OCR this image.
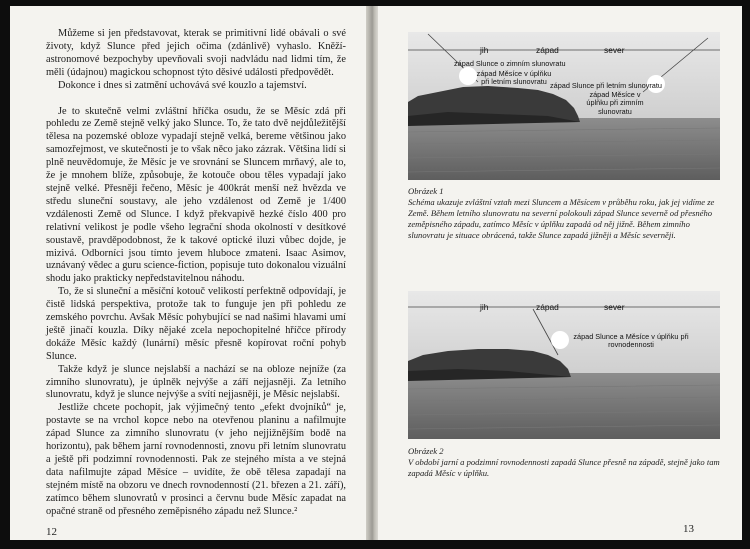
Můžeme si jen představovat, kterak se primitivní lidé obávali o své životy, když Slunce před jejich očima (zdánlivě) vyhaslo. Kněží-astronomové bezpochyby upevňovali svoji nadvládu nad lidmi tím, že měli (údajnou) magickou schopnost týto děsivé události předpovědět.

Dokonce i dnes si zatmění uchovává své kouzlo a tajemství.

Je to skutečně velmi zvláštní hříčka osudu, že se Měsíc zdá při pohledu ze Země stejně velký jako Slunce. To, že tato dvě nejdůležitější tělesa na pozemské obloze vypadají stejně velká, bereme většinou jako samozřejmost, ve skutečnosti je to však něco jako zázrak. Většina lidí si plně neuvědomuje, že Měsíc je ve srovnání se Sluncem mrňavý, ale to, že je mnohem blíže, způsobuje, že kotouče obou těles vypadají jako stejně velké. Přesněji řečeno, Měsíc je 400krát menší než hvězda ve středu sluneční soustavy, ale jeho vzdálenost od Země je 1/400 vzdálenosti Země od Slunce. I když překvapivě hezké číslo 400 pro relativní velikost je podle všeho legrační shoda okolností v desítkové soustavě, pravděpodobnost, že k takové optické iluzi vůbec dojde, je mizivá. Odborníci jsou tímto jevem hluboce zmateni. Isaac Asimov, uznávaný vědec a guru science-fiction, popisuje tuto dokonalou vizuální shodu jako prakticky nepředstavitelnou náhodu.

To, že si sluneční a měsíční kotouč velikostí perfektně odpovídají, je čistě lidská perspektiva, protože tak to funguje jen při pohledu ze zemského povrchu. Avšak Měsíc pohybující se nad našimi hlavami umí ještě jinačí kouzla. Díky nějaké zcela nepochopitelné hříčce přírody dokáže Měsíc každý (lunární) měsíc přesně kopírovat roční pohyb Slunce.

Takže když je slunce nejslabší a nachází se na obloze nejníže (za zimního slunovratu), je úplněk nejvýše a září nejjasněji. Za letního slunovratu, když je slunce nejvýše a svítí nejjasněji, je Měsíc nejslabší.

Jestliže chcete pochopit, jak výjimečný tento „efekt dvojníků“ je, postavte se na vrchol kopce nebo na otevřenou planinu a nafilmujte západ Slunce za zimního slunovratu (v jeho nejjižnějším bodě na horizontu), pak během jarní rovnodennosti, znovu při letním slunovratu a ještě při podzimní rovnodennosti. Pak ze stejného místa a ve stejná data nafilmujte západ Měsíce – uvidíte, že obě tělesa zapadají na stejném místě na obzoru ve dnech rovnodenností (21. březen a 21. září), zatímco během slunovratů v prosinci a červnu bude Měsíc zapadat na opačné straně od přesného zeměpisného západu než Slunce.²

12
jih	západ	sever
západ Slunce o zimním slunovratu
západ Měsíce v úplňku při letním slunovratu západ Slunce při letním slunovratu
západ Měsíce v úplňku při zimním slunovratu
Obrázek 1
Schéma ukazuje zvláštní vztah mezi Sluncem a Měsícem v průběhu roku, jak jej vidíme ze Země. Během letního slunovratu na severní polokouli západ Slunce severně od přesného zeměpisného západu, zatímco Měsíc v úplňku zapadá od něj jižně. Během zimního slunovratu je situace obrácená, takže Slunce zapadá jižněji a Měsíc severněji.
jih	západ	sever
západ Slunce a Měsíce v úplňku při rovnodennosti
Obrázek 2
V období jarní a podzimní rovnodennosti zapadá Slunce přesně na západě, stejně jako tam zapadá Měsíc v úplňku.
13
